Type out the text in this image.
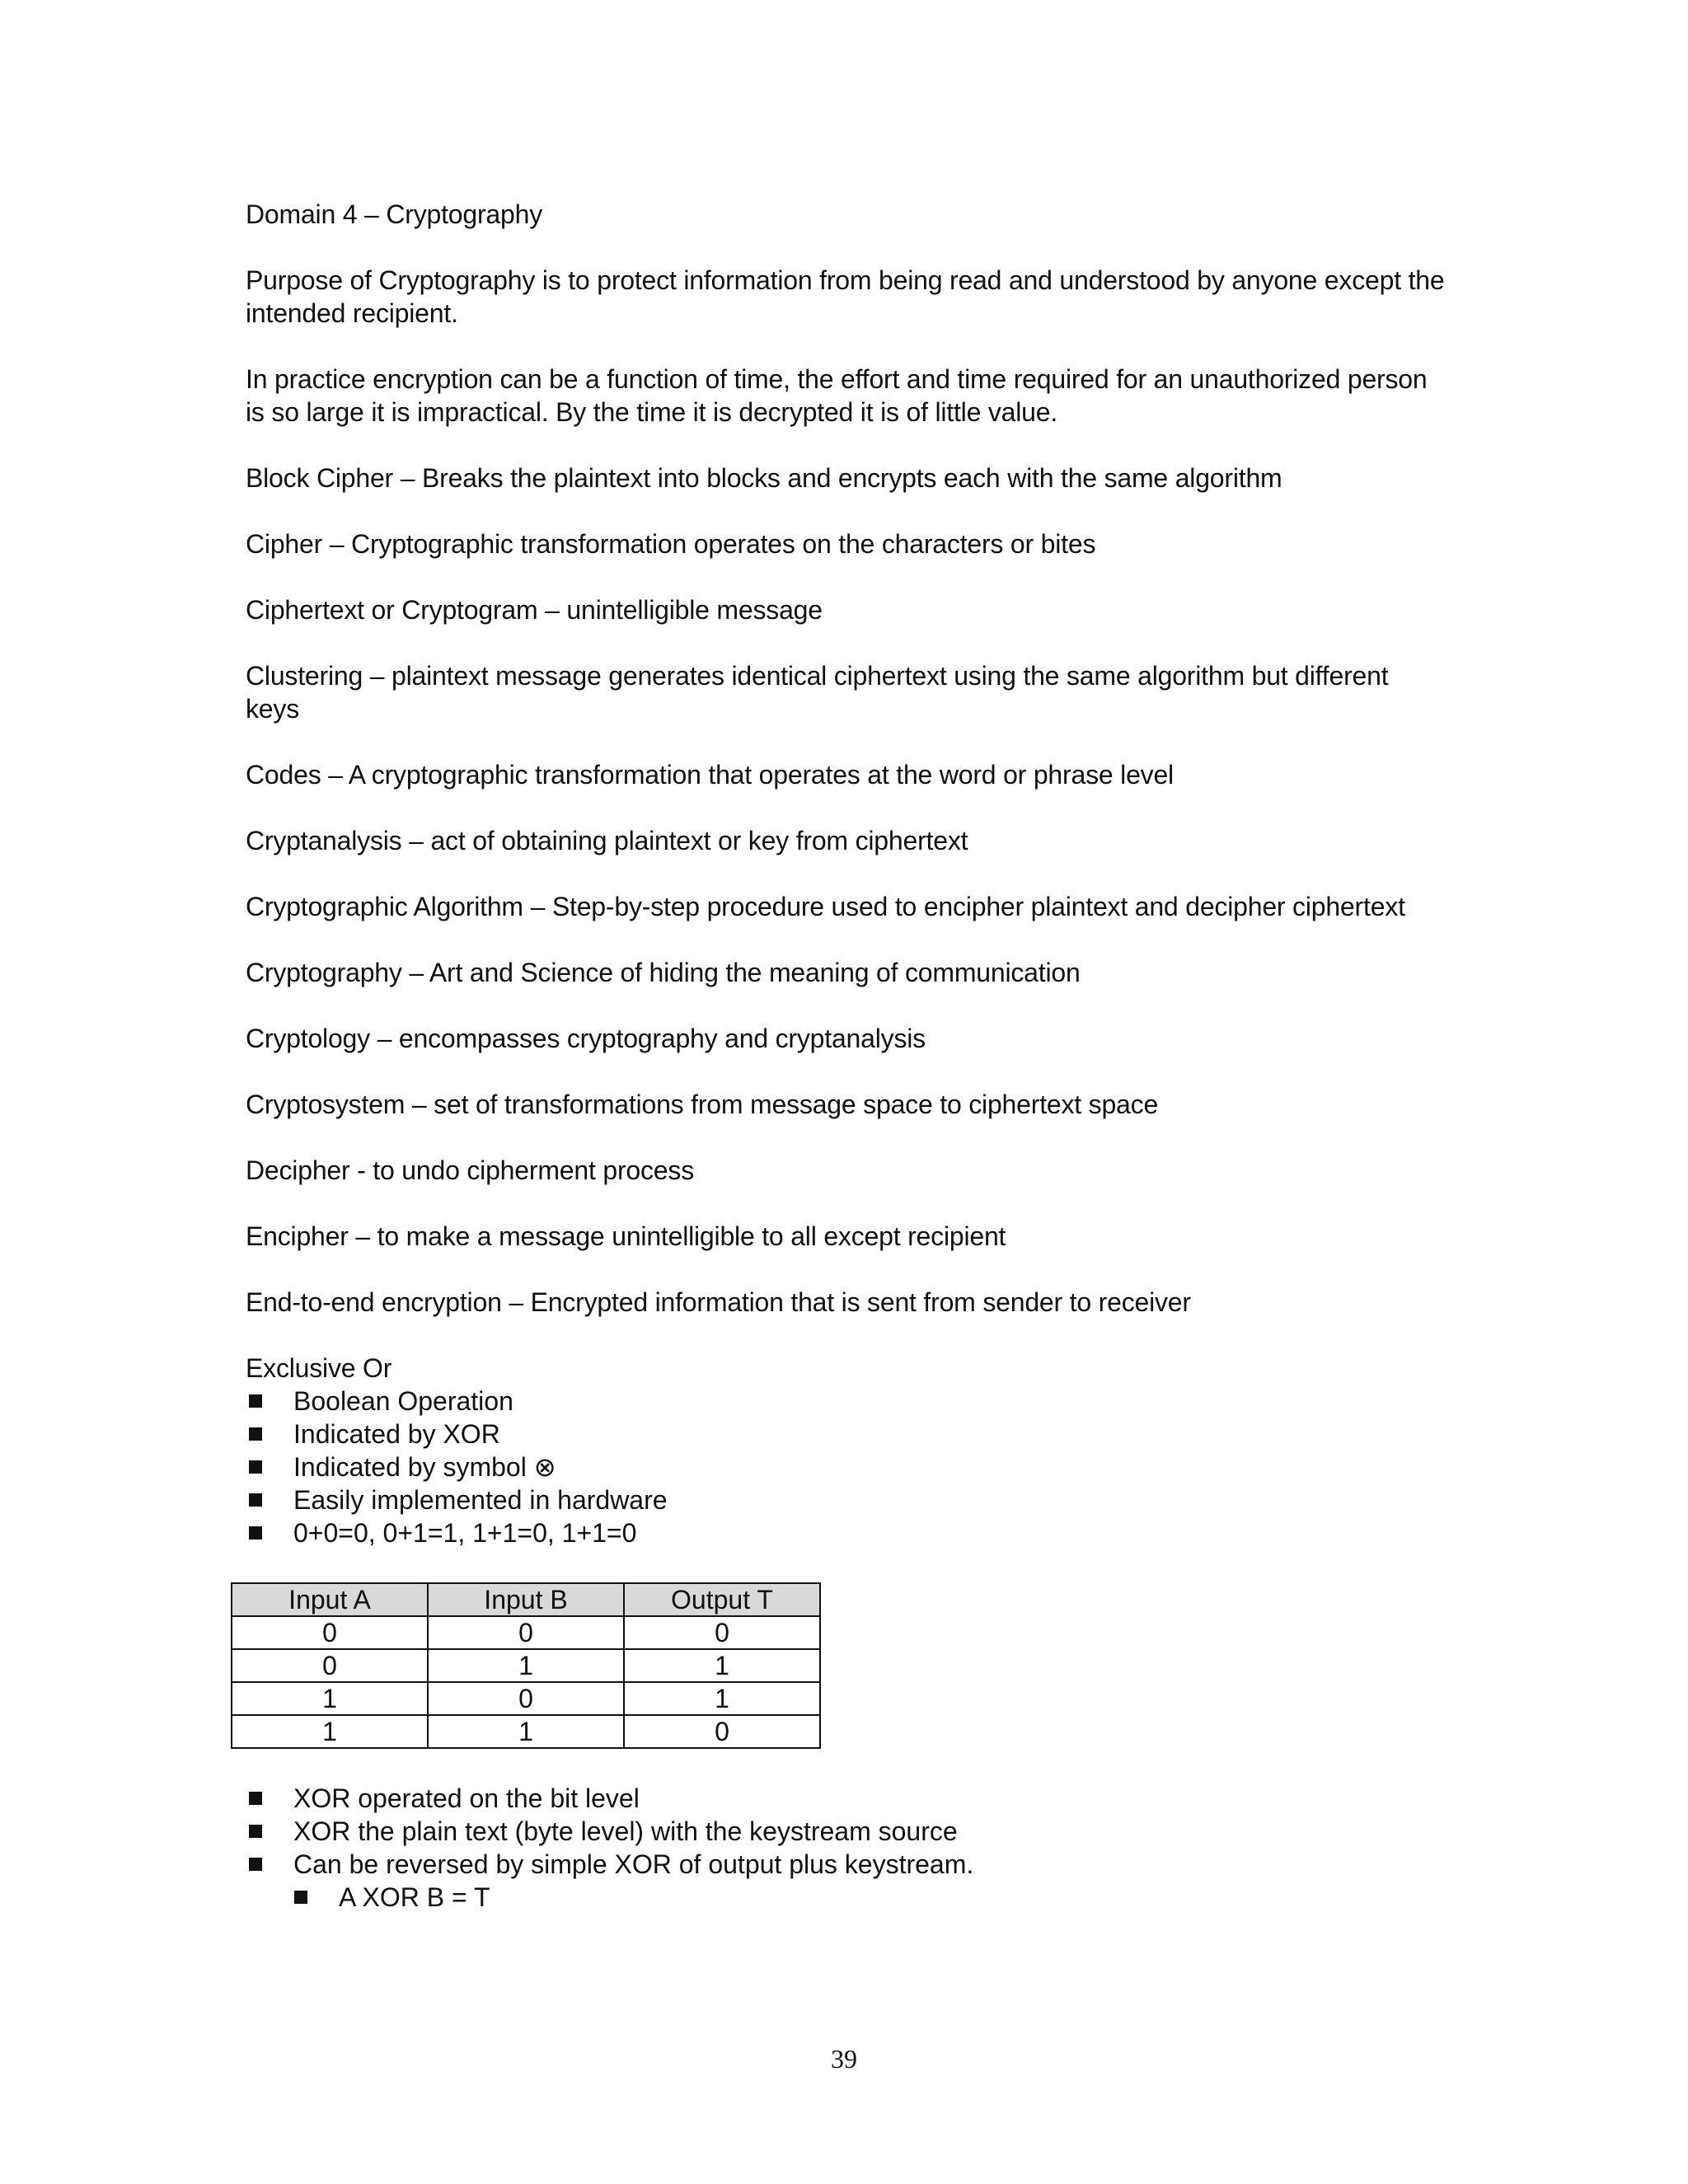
Domain 4 – Cryptography

Purpose of Cryptography is to protect information from being read and understood by anyone except the intended recipient.

In practice encryption can be a function of time, the effort and time required for an unauthorized person is so large it is impractical. By the time it is decrypted it is of little value.

Block Cipher – Breaks the plaintext into blocks and encrypts each with the same algorithm

Cipher – Cryptographic transformation operates on the characters or bites

Ciphertext or Cryptogram – unintelligible message

Clustering – plaintext message generates identical ciphertext using the same algorithm but different keys

Codes – A cryptographic transformation that operates at the word or phrase level

Cryptanalysis – act of obtaining plaintext or key from ciphertext

Cryptographic Algorithm – Step-by-step procedure used to encipher plaintext and decipher ciphertext

Cryptography – Art and Science of hiding the meaning of communication

Cryptology – encompasses cryptography and cryptanalysis

Cryptosystem – set of transformations from message space to ciphertext space

Decipher - to undo cipherment process

Encipher – to make a message unintelligible to all except recipient

End-to-end encryption – Encrypted information that is sent from sender to receiver

Exclusive Or

Boolean Operation
Indicated by XOR
Indicated by symbol ⊗
Easily implemented in hardware
0+0=0, 0+1=1, 1+1=0, 1+1=0
Input A	Input B	Output T
0	0	0
0	1	1
1	0	1
1	1	0
XOR operated on the bit level
XOR the plain text (byte level) with the keystream source
Can be reversed by simple XOR of output plus keystream.
A XOR B = T
39
